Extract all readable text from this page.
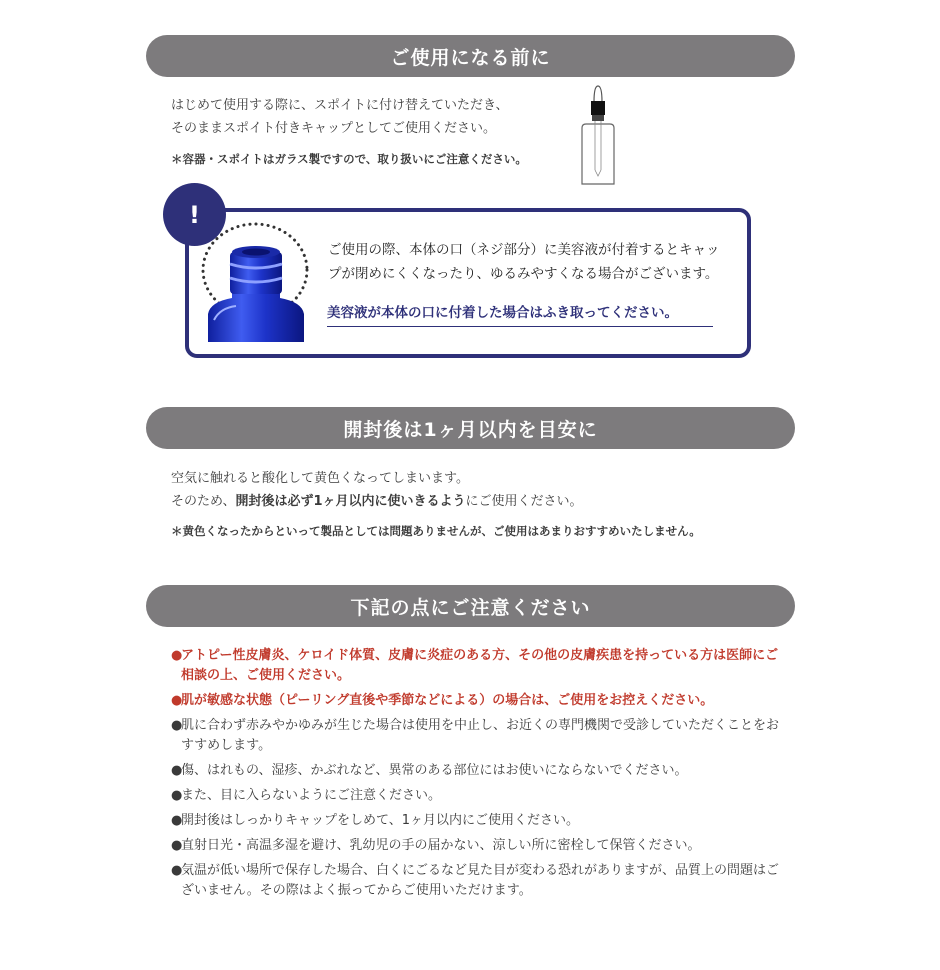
ご使用になる前に
はじめて使用する際に、スポイトに付け替えていただき、
そのままスポイト付きキャップとしてご使用ください。
＊容器・スポイトはガラス製ですので、取り扱いにご注意ください。
!
ご使用の際、本体の口（ネジ部分）に美容液が付着するとキャッ
プが閉めにくくなったり、ゆるみやすくなる場合がございます。
美容液が本体の口に付着した場合はふき取ってください。
開封後は1ヶ月以内を目安に
空気に触れると酸化して黄色くなってしまいます。
そのため、開封後は必ず1ヶ月以内に使いきるようにご使用ください。
＊黄色くなったからといって製品としては問題ありませんが、ご使用はあまりおすすめいたしません。
下記の点にご注意ください
●
アトピー性皮膚炎、ケロイド体質、皮膚に炎症のある方、その他の皮膚疾患を持っている方は医師にご相談の上、ご使用ください。
●
肌が敏感な状態（ピーリング直後や季節などによる）の場合は、ご使用をお控えください。
●
肌に合わず赤みやかゆみが生じた場合は使用を中止し、お近くの専門機関で受診していただくことをおすすめします。
●
傷、はれもの、湿疹、かぶれなど、異常のある部位にはお使いにならないでください。
●
また、目に入らないようにご注意ください。
●
開封後はしっかりキャップをしめて、1ヶ月以内にご使用ください。
●
直射日光・高温多湿を避け、乳幼児の手の届かない、涼しい所に密栓して保管ください。
●
気温が低い場所で保存した場合、白くにごるなど見た目が変わる恐れがありますが、品質上の問題はございません。その際はよく振ってからご使用いただけます。
